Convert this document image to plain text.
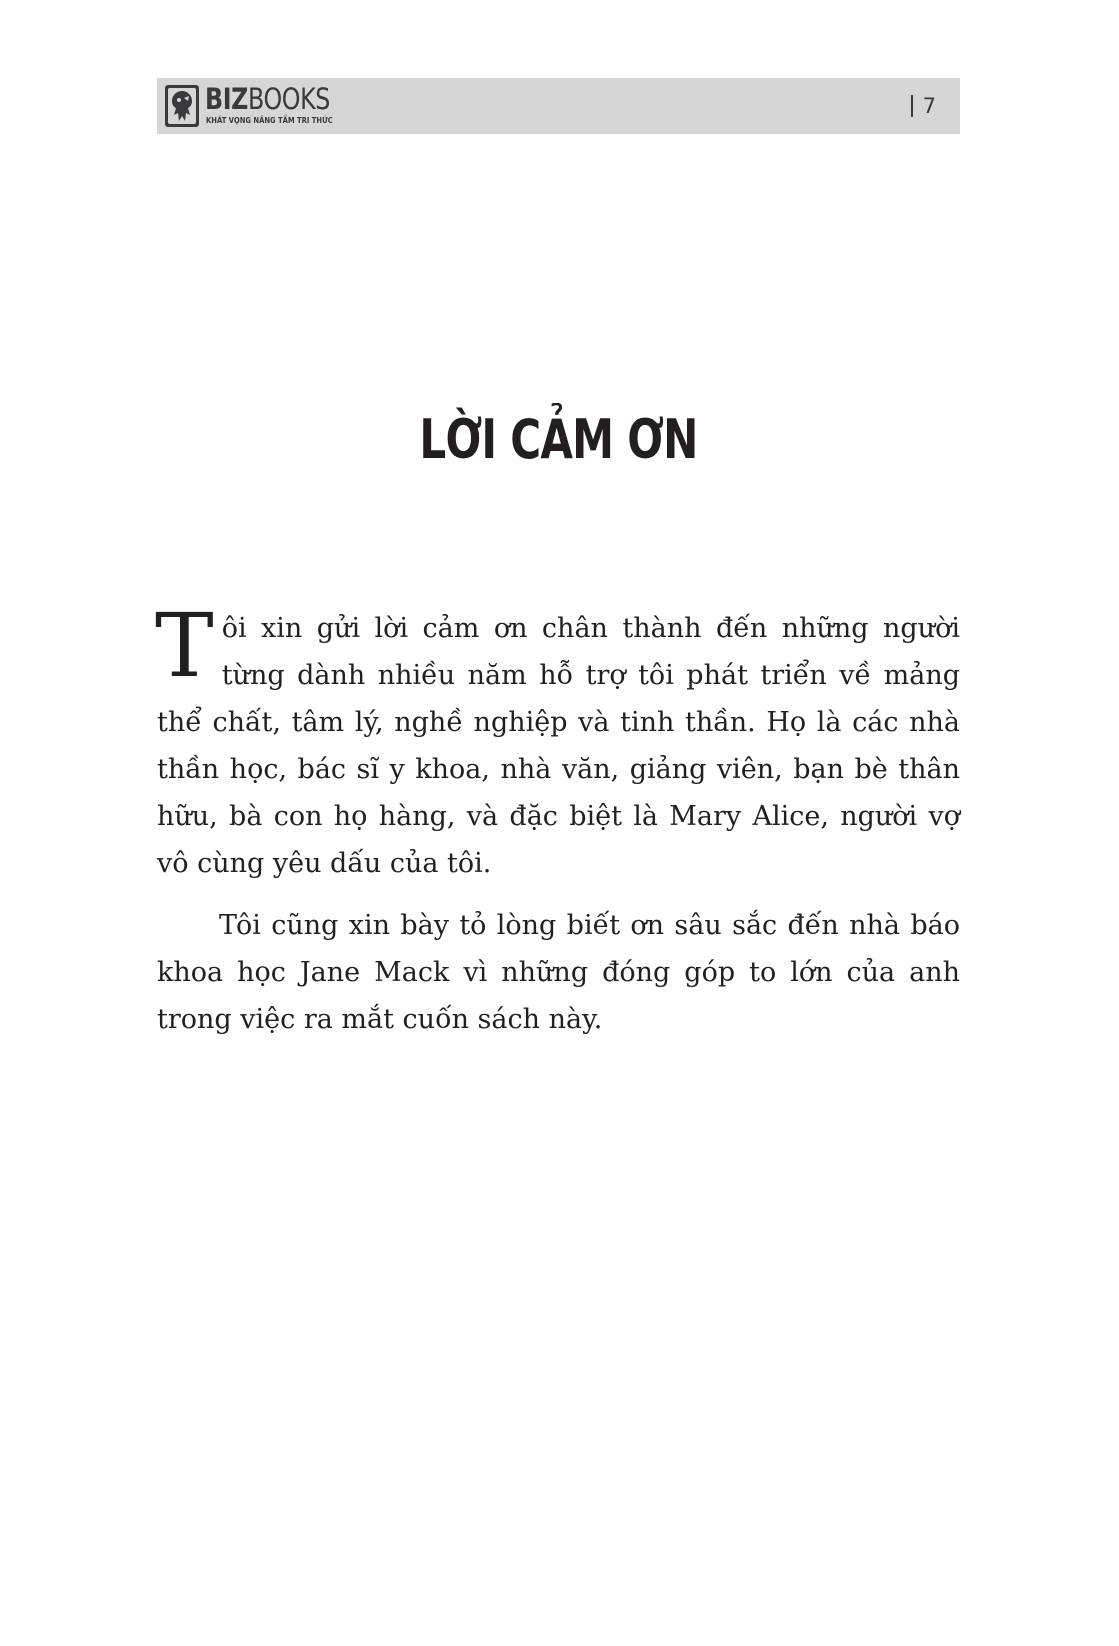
BIZBOOKS
KHÁT VỌNG NÂNG TẦM TRI THỨC
7
LỜI CẢM ƠN

Tôi xin gửi lời cảm ơn chân thành đến những người từng dành nhiều năm hỗ trợ tôi phát triển về mảng thể chất, tâm lý, nghề nghiệp và tinh thần. Họ là các nhà thần học, bác sĩ y khoa, nhà văn, giảng viên, bạn bè thân hữu, bà con họ hàng, và đặc biệt là Mary Alice, người vợ vô cùng yêu dấu của tôi.

Tôi cũng xin bày tỏ lòng biết ơn sâu sắc đến nhà báo khoa học Jane Mack vì những đóng góp to lớn của anh trong việc ra mắt cuốn sách này.
